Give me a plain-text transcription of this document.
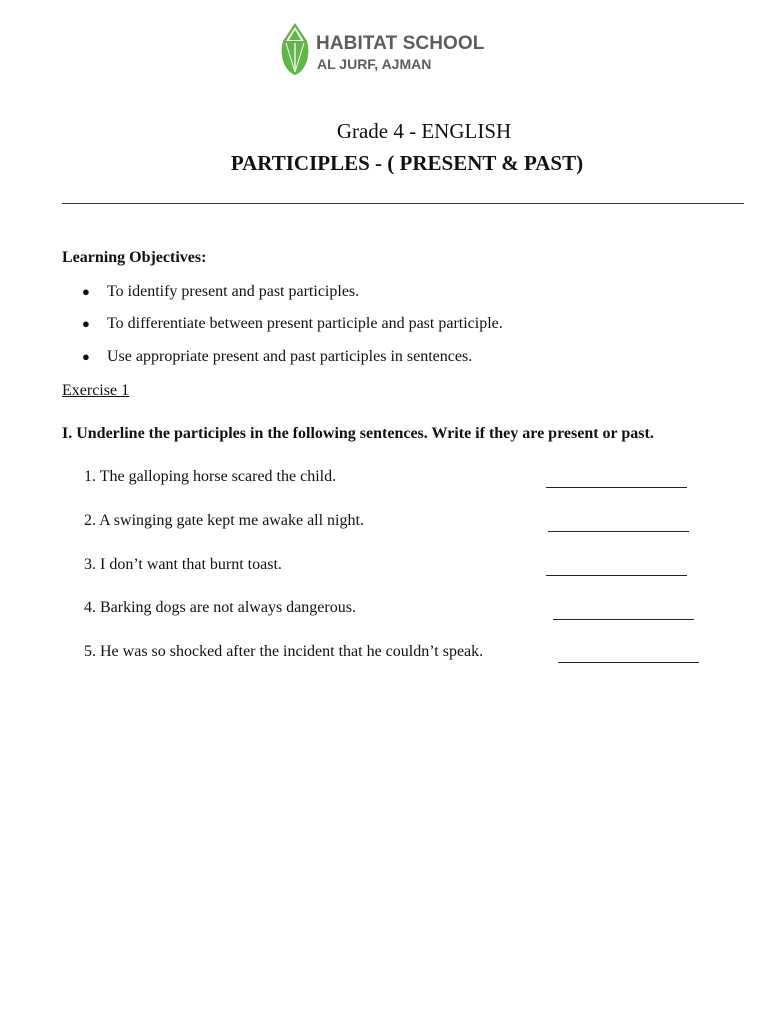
HABITAT SCHOOL
AL JURF, AJMAN
Grade 4 - ENGLISH
PARTICIPLES - ( PRESENT & PAST)
Learning Objectives:
● To identify present and past participles.
● To differentiate between present participle and past participle.
● Use appropriate present and past participles in sentences.
Exercise 1
I. Underline the participles in the following sentences. Write if they are present or past.
1. The galloping horse scared the child.
2. A swinging gate kept me awake all night.
3. I don’t want that burnt toast.
4. Barking dogs are not always dangerous.
5. He was so shocked after the incident that he couldn’t speak.
